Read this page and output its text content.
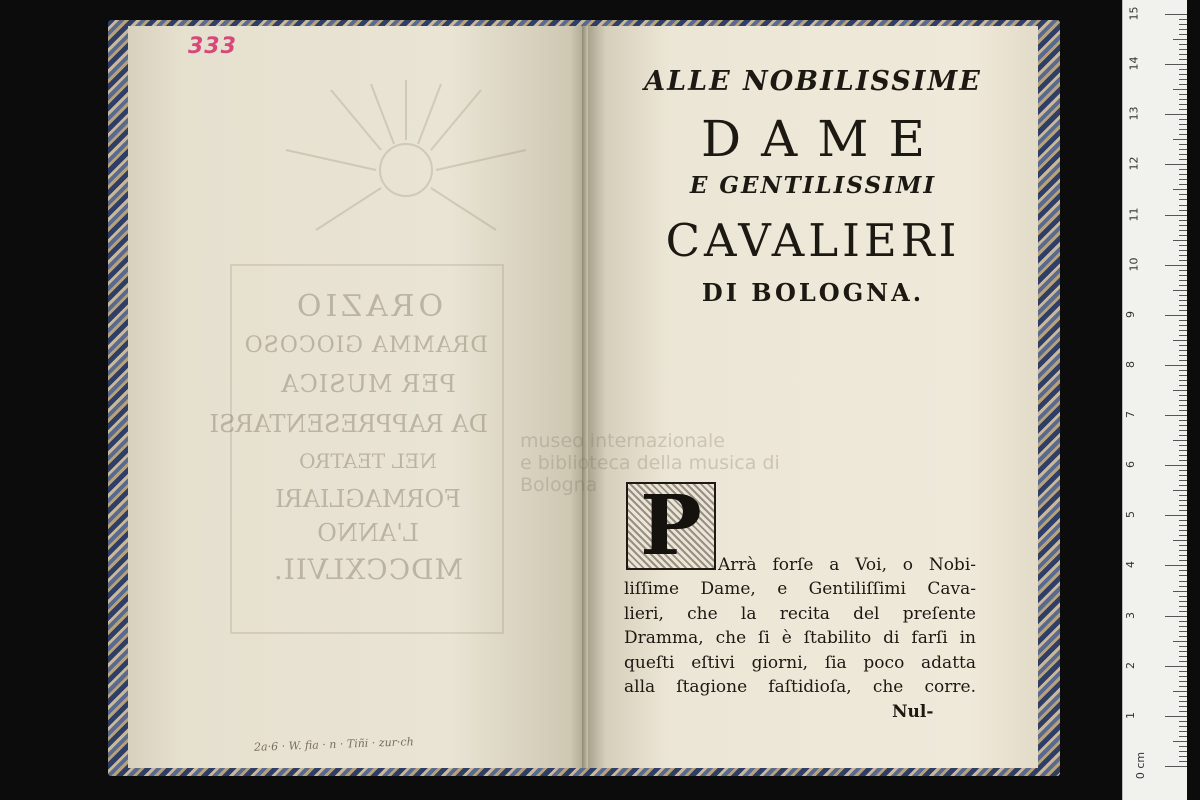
ORAZIO
DRAMMA GIOCOSO
PER MUSICA
DA RAPPRESENTARSI
NEL TEATRO
FORMAGLIARI
L'ANNO
MDCCXLVII.
333
2a·6 · W. fia · n · Tiñi · zur·ch
ALLE NOBILISSIME
DAME
E GENTILISSIMI
CAVALIERI
DI BOLOGNA.
museo internazionale
e biblioteca della musica di
Bologna P Arrà forſe a Voi, o Nobi-
liſſime Dame, e Gentiliſſimi Cava-
lieri, che la recita del preſente
Dramma, che ſi è ſtabilito di farſi in
queſti eſtivi giorni, ſia poco adatta
alla ſtagione faſtidioſa, che corre.
Nul-
15
14
13
12
11
10
9
8
7
6
5
4
3
2
1
0 cm
